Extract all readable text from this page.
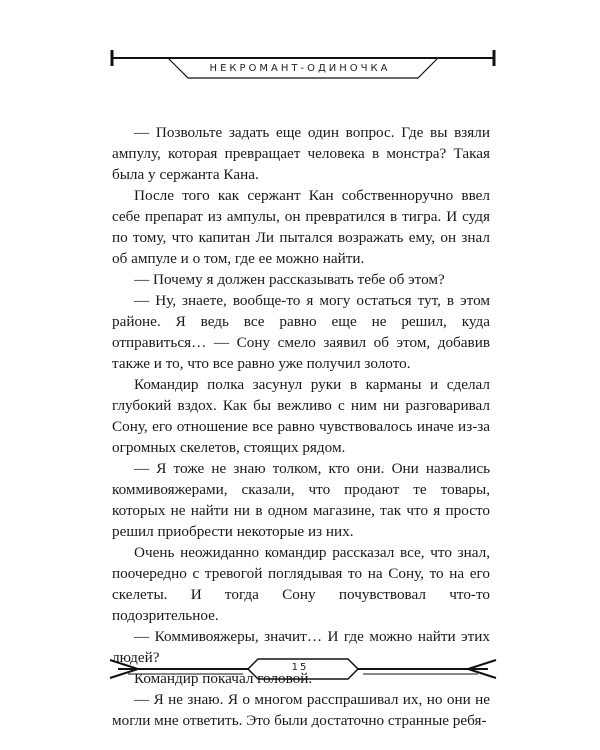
НЕКРОМАНТ-ОДИНОЧКА

— Позвольте задать еще один вопрос. Где вы взяли ампулу, которая превращает человека в монстра? Такая была у сержанта Кана.

После того как сержант Кан собственноручно ввел себе препарат из ампулы, он превратился в тигра. И судя по тому, что капитан Ли пытался возражать ему, он знал об ампуле и о том, где ее можно найти.

— Почему я должен рассказывать тебе об этом?

— Ну, знаете, вообще-то я могу остаться тут, в этом районе. Я ведь все равно еще не решил, куда отправиться… — Сону смело заявил об этом, добавив также и то, что все равно уже получил золото.

Командир полка засунул руки в карманы и сделал глубокий вздох. Как бы вежливо с ним ни разговаривал Сону, его отношение все равно чувствовалось иначе из-за огромных скелетов, стоящих рядом.

— Я тоже не знаю толком, кто они. Они назвались коммивояжерами, сказали, что продают те товары, которых не найти ни в одном магазине, так что я просто решил приобрести некоторые из них.

Очень неожиданно командир рассказал все, что знал, поочередно с тревогой поглядывая то на Сону, то на его скелеты. И тогда Сону почувствовал что-то подозрительное.

— Коммивояжеры, значит… И где можно найти этих людей?

Командир покачал головой.

— Я не знаю. Я о многом расспрашивал их, но они не могли мне ответить. Это были достаточно странные ребя-

15
